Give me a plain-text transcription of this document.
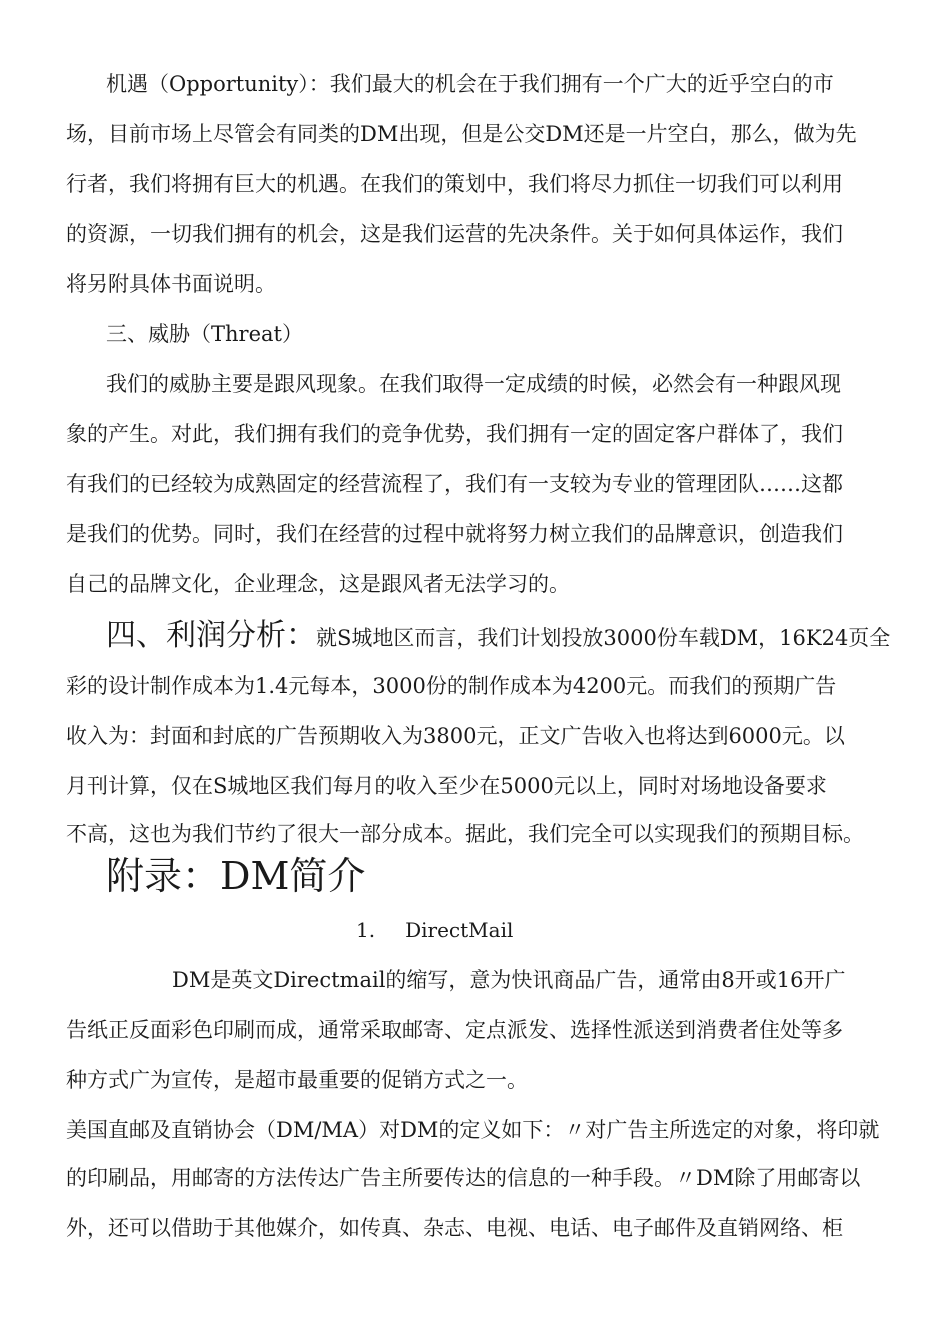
机遇（Opportunity）：我们最大的机会在于我们拥有一个广大的近乎空白的市
场，目前市场上尽管会有同类的DM出现，但是公交DM还是一片空白，那么，做为先
行者，我们将拥有巨大的机遇。在我们的策划中，我们将尽力抓住一切我们可以利用
的资源，一切我们拥有的机会，这是我们运营的先决条件。关于如何具体运作，我们
将另附具体书面说明。
三、威胁（Threat）
我们的威胁主要是跟风现象。在我们取得一定成绩的时候，必然会有一种跟风现
象的产生。对此，我们拥有我们的竞争优势，我们拥有一定的固定客户群体了，我们
有我们的已经较为成熟固定的经营流程了，我们有一支较为专业的管理团队……这都
是我们的优势。同时，我们在经营的过程中就将努力树立我们的品牌意识，创造我们
自己的品牌文化，企业理念，这是跟风者无法学习的。
四、利润分析：就S城地区而言，我们计划投放3000份车载DM，16K24页全
彩的设计制作成本为1.4元每本，3000份的制作成本为4200元。而我们的预期广告
收入为：封面和封底的广告预期收入为3800元，正文广告收入也将达到6000元。以
月刊计算，仅在S城地区我们每月的收入至少在5000元以上，同时对场地设备要求
不高，这也为我们节约了很大一部分成本。据此，我们完全可以实现我们的预期目标。
附录：DM简介
1. DirectMail
DM是英文Directmail的缩写，意为快讯商品广告，通常由8开或16开广
告纸正反面彩色印刷而成，通常采取邮寄、定点派发、选择性派送到消费者住处等多
种方式广为宣传，是超市最重要的促销方式之一。
美国直邮及直销协会（DM/MA）对DM的定义如下：〃对广告主所选定的对象，将印就
的印刷品，用邮寄的方法传达广告主所要传达的信息的一种手段。〃DM除了用邮寄以
外，还可以借助于其他媒介，如传真、杂志、电视、电话、电子邮件及直销网络、柜
